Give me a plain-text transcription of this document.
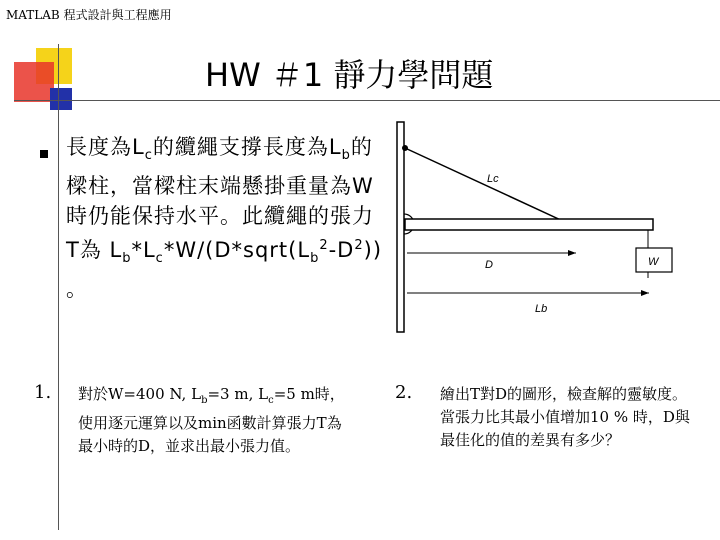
MATLAB 程式設計與工程應用
HW ＃1 靜力學問題
長度為$L_c$的纜繩支撐長度為$L_b$的樑柱，當樑柱末端懸掛重量為W時仍能保持水平。此纜繩的張力T為 $L_b*L_c*W/(D*sqrt(L_b^2-D^2))$ 。
Lc
D	W
Lb
1. 對於W=400 N, $L_b=3$ m, $L_c=5$ m時，使用逐元運算以及min函數計算張力T為最小時的D，並求出最小張力值。
2. 繪出T對D的圖形，檢查解的靈敏度。當張力比其最小值增加10 % 時，D與最佳化的值的差異有多少？
